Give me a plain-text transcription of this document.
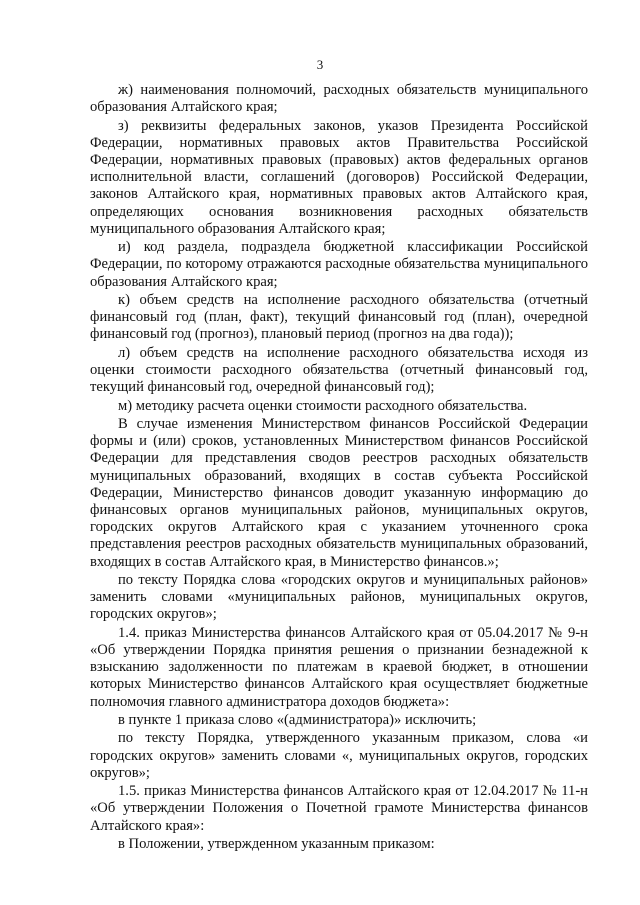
3

ж) наименования полномочий, расходных обязательств муниципального образования Алтайского края;

з) реквизиты федеральных законов, указов Президента Российской Федерации, нормативных правовых актов Правительства Российской Федерации, нормативных правовых (правовых) актов федеральных органов исполнительной власти, соглашений (договоров) Российской Федерации, законов Алтайского края, нормативных правовых актов Алтайского края, определяющих основания возникновения расходных обязательств муниципального образования Алтайского края;

и) код раздела, подраздела бюджетной классификации Российской Федерации, по которому отражаются расходные обязательства муниципального образования Алтайского края;

к) объем средств на исполнение расходного обязательства (отчетный финансовый год (план, факт), текущий финансовый год (план), очередной финансовый год (прогноз), плановый период (прогноз на два года));

л) объем средств на исполнение расходного обязательства исходя из оценки стоимости расходного обязательства (отчетный финансовый год, текущий финансовый год, очередной финансовый год);

м) методику расчета оценки стоимости расходного обязательства.

В случае изменения Министерством финансов Российской Федерации формы и (или) сроков, установленных Министерством финансов Российской Федерации для представления сводов реестров расходных обязательств муниципальных образований, входящих в состав субъекта Российской Федерации, Министерство финансов доводит указанную информацию до финансовых органов муниципальных районов, муниципальных округов, городских округов Алтайского края с указанием уточненного срока представления реестров расходных обязательств муниципальных образований, входящих в состав Алтайского края, в Министерство финансов.»;

по тексту Порядка слова «городских округов и муниципальных районов» заменить словами «муниципальных районов, муниципальных округов, городских округов»;

1.4. приказ Министерства финансов Алтайского края от 05.04.2017 № 9-н «Об утверждении Порядка принятия решения о признании безнадежной к взысканию задолженности по платежам в краевой бюджет, в отношении которых Министерство финансов Алтайского края осуществляет бюджетные полномочия главного администратора доходов бюджета»:

в пункте 1 приказа слово «(администратора)» исключить;

по тексту Порядка, утвержденного указанным приказом, слова «и городских округов» заменить словами «, муниципальных округов, городских округов»;

1.5. приказ Министерства финансов Алтайского края от 12.04.2017 № 11-н «Об утверждении Положения о Почетной грамоте Министерства финансов Алтайского края»:

в Положении, утвержденном указанным приказом:
